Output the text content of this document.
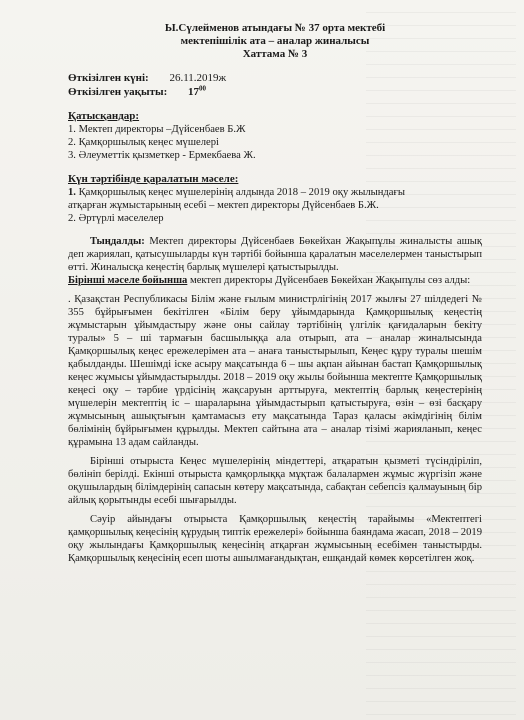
Ы.Сүлейменов атындағы № 37 орта мектебі
мектепішілік ата – аналар жиналысы
Хаттама № 3
Өткізілген күні: 26.11.2019ж
Өткізілген уақыты: $17^{00}$
Қатысқандар:
1. Мектеп директоры –Дүйсенбаев Б.Ж
2. Қамқоршылық кеңес мүшелері
3. Әлеуметтік қызметкер - Ермекбаева Ж.
Күн тәртібінде қаралатын мәселе:
1. Қамқоршылық кеңес мүшелерінің алдында 2018 – 2019 оқу жылындағы
атқарған жұмыстарының есебі – мектеп директоры Дүйсенбаев Б.Ж.
2. Әртүрлі мәселелер

Тыңдалды: Мектеп директоры Дүйсенбаев Бөкейхан Жақыпұлы жиналысты ашық деп жариялап, қатысушыларды күн тәртібі бойынша қаралатын мәселелермен таныстырып өтті. Жиналысқа кеңестің барлық мүшелері қатыстырылды.

Бірінші мәселе бойынша мектеп директоры Дүйсенбаев Бөкейхан Жақыпұлы сөз алды:

. Қазақстан Республикасы Білім және ғылым министрлігінің 2017 жылғы 27 шілдедегі № 355 бұйрығымен бекітілген «Білім беру ұйымдарында Қамқоршылық кеңестің жұмыстарын ұйымдастыру және оны сайлау тәртібінің үлгілік қағидаларын бекіту туралы» 5 – ші тармағын басшылыққа ала отырып, ата – аналар жиналысында Қамқоршылық кеңес ережелерімен ата – анаға таныстырылып, Кеңес құру туралы шешім қабылданды. Шешімді іске асыру мақсатында 6 – шы ақпан айынан бастап Қамқоршылық кеңес жұмысы ұйымдастырылды. 2018 – 2019 оқу жылы бойынша мектепте Қамқоршылық кеңесі оқу – тәрбие үрдісінің жақсаруын арттыруға, мектептің барлық кеңестерінің мүшелерін мектептің іс – шараларына ұйымдастырып қатыстыруға, өзін – өзі басқару жұмысының ашықтығын қамтамасыз ету мақсатында Тараз қаласы әкімдігінің білім бөлімінің бұйрығымен құрылды. Мектеп сайтына ата – аналар тізімі жарияланып, кеңес құрамына 13 адам сайланды.

Бірінші отырыста Кеңес мүшелерінің міндеттері, атқаратын қызметі түсіндіріліп, бөлініп берілді. Екінші отырыста қамқорлыққа мұқтаж балалармен жұмыс жүргізіп және оқушылардың білімдерінің сапасын көтеру мақсатында, сабақтан себепсіз қалмауының бір айлық қорытынды есебі шығарылды.

Сәуір айындағы отырыста Қамқоршылық кеңестің тарайымы «Мектептегі қамқоршылық кеңесінің құрудың типтік ережелері» бойынша баяндама жасап, 2018 – 2019 оқу жылындағы Қамқоршылық кеңесінің атқарған жұмысының есебімен таныстырды. Қамқоршылық кеңесінің есеп шоты ашылмағандықтан, ешқандай көмек көрсетілген жоқ.
